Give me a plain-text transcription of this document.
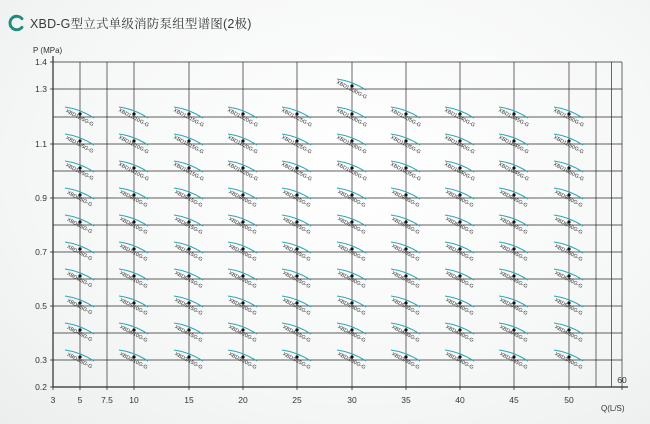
XBD-G型立式单级消防泵组型谱图(2极)
3	5 7.5 10	15	20	25	30	35	40	45	50
60
0.2
0.3
0.5
0.7
0.9
1.1
1.3
1.4
XBD12/5G-G
XBD11/5G-G
XBD10/5G-G
XBD9/5G-G
XBD8/5G-G
XBD7/5G-G
XBD6/5G-G
XBD5/5G-G
XBD4/5G-G
XBD3/5G-G
XBD12/10G-G
XBD11/10G-G
XBD10/10G-G
XBD9/10G-G
XBD8/10G-G
XBD7/10G-G
XBD6/10G-G
XBD5/10G-G
XBD4/10G-G
XBD3/10G-G
XBD12/15G-G
XBD11/15G-G
XBD10/15G-G
XBD9/15G-G
XBD8/15G-G
XBD7/15G-G
XBD6/15G-G
XBD5/15G-G
XBD4/15G-G
XBD3/15G-G
XBD12/20G-G
XBD11/20G-G
XBD10/20G-G
XBD9/20G-G
XBD8/20G-G
XBD7/20G-G
XBD6/20G-G
XBD5/20G-G
XBD4/20G-G
XBD3/20G-G
XBD12/25G-G
XBD11/25G-G
XBD10/25G-G
XBD9/25G-G
XBD8/25G-G
XBD7/25G-G
XBD6/25G-G
XBD5/25G-G
XBD4/25G-G
XBD3/25G-G
XBD13/30G-G
XBD12/30G-G
XBD11/30G-G
XBD10/30G-G
XBD9/30G-G
XBD8/30G-G
XBD7/30G-G
XBD6/30G-G
XBD5/30G-G
XBD4/30G-G
XBD3/30G-G
XBD12/35G-G
XBD11/35G-G
XBD10/35G-G
XBD9/35G-G
XBD8/35G-G
XBD7/35G-G
XBD6/35G-G
XBD5/35G-G
XBD4/35G-G
XBD3/35G-G
XBD12/40G-G
XBD11/40G-G
XBD10/40G-G
XBD9/40G-G
XBD8/40G-G
XBD7/40G-G
XBD6/40G-G
XBD5/40G-G
XBD4/40G-G
XBD3/40G-G
XBD12/45G-G
XBD11/45G-G
XBD10/45G-G
XBD9/45G-G
XBD8/45G-G
XBD7/45G-G
XBD6/45G-G
XBD5/45G-G
XBD4/45G-G
XBD3/45G-G
XBD12/50G-G
XBD11/50G-G
XBD10/50G-G
XBD9/50G-G
XBD8/50G-G
XBD7/50G-G
XBD6/50G-G
XBD5/50G-G
XBD4/50G-G
XBD3/50G-G
P (MPa)
Q(L/S)
